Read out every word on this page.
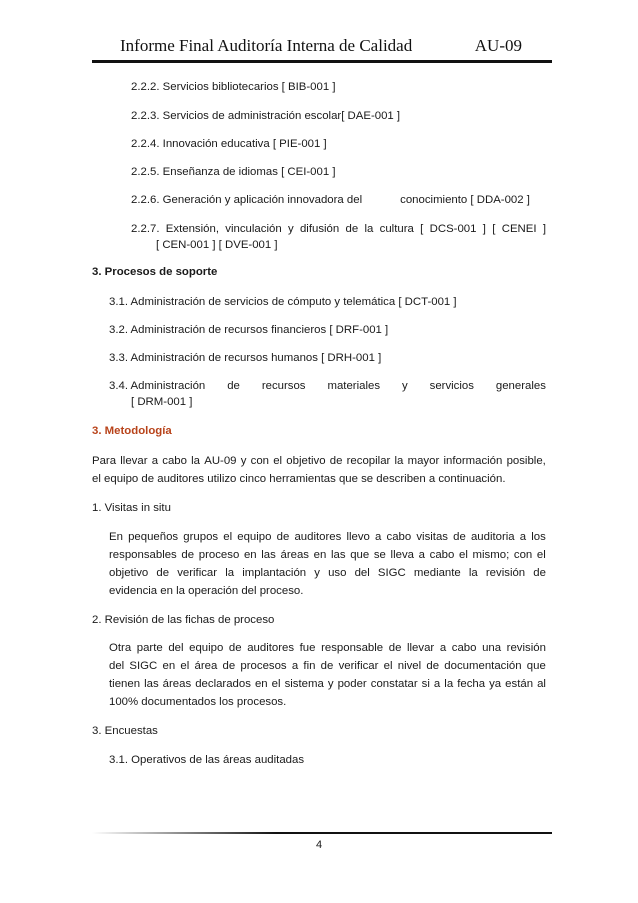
Informe Final Auditoría Interna de Calidad	AU-09
2.2.2. Servicios bibliotecarios [ BIB-001 ]
2.2.3. Servicios de administración escolar[ DAE-001 ]
2.2.4. Innovación educativa [ PIE-001 ]
2.2.5. Enseñanza de idiomas [ CEI-001 ]
2.2.6. Generación y aplicación innovadora del	conocimiento [ DDA-002 ]
2.2.7. Extensión, vinculación y difusión de la cultura [ DCS-001 ] [ CENEI ]
[ CEN-001 ] [ DVE-001 ]
3. Procesos de soporte
3.1. Administración de servicios de cómputo y telemática [ DCT-001 ]
3.2. Administración de recursos financieros [ DRF-001 ]
3.3. Administración de recursos humanos [ DRH-001 ]
3.4. Administración de recursos materiales y servicios generales
[ DRM-001 ]
3. Metodología
Para llevar a cabo la AU-09 y con el objetivo de recopilar la mayor información posible,
el equipo de auditores utilizo cinco herramientas que se describen a continuación.
1. Visitas in situ
En pequeños grupos el equipo de auditores llevo a cabo visitas de auditoria a los
responsables de proceso en las áreas en las que se lleva a cabo el mismo; con el
objetivo de verificar la implantación y uso del SIGC mediante la revisión de
evidencia en la operación del proceso.
2. Revisión de las fichas de proceso
Otra parte del equipo de auditores fue responsable de llevar a cabo una revisión
del SIGC en el área de procesos a fin de verificar el nivel de documentación que
tienen las áreas declarados en el sistema y poder constatar si a la fecha ya están al
100% documentados los procesos.
3. Encuestas
3.1. Operativos de las áreas auditadas
4
